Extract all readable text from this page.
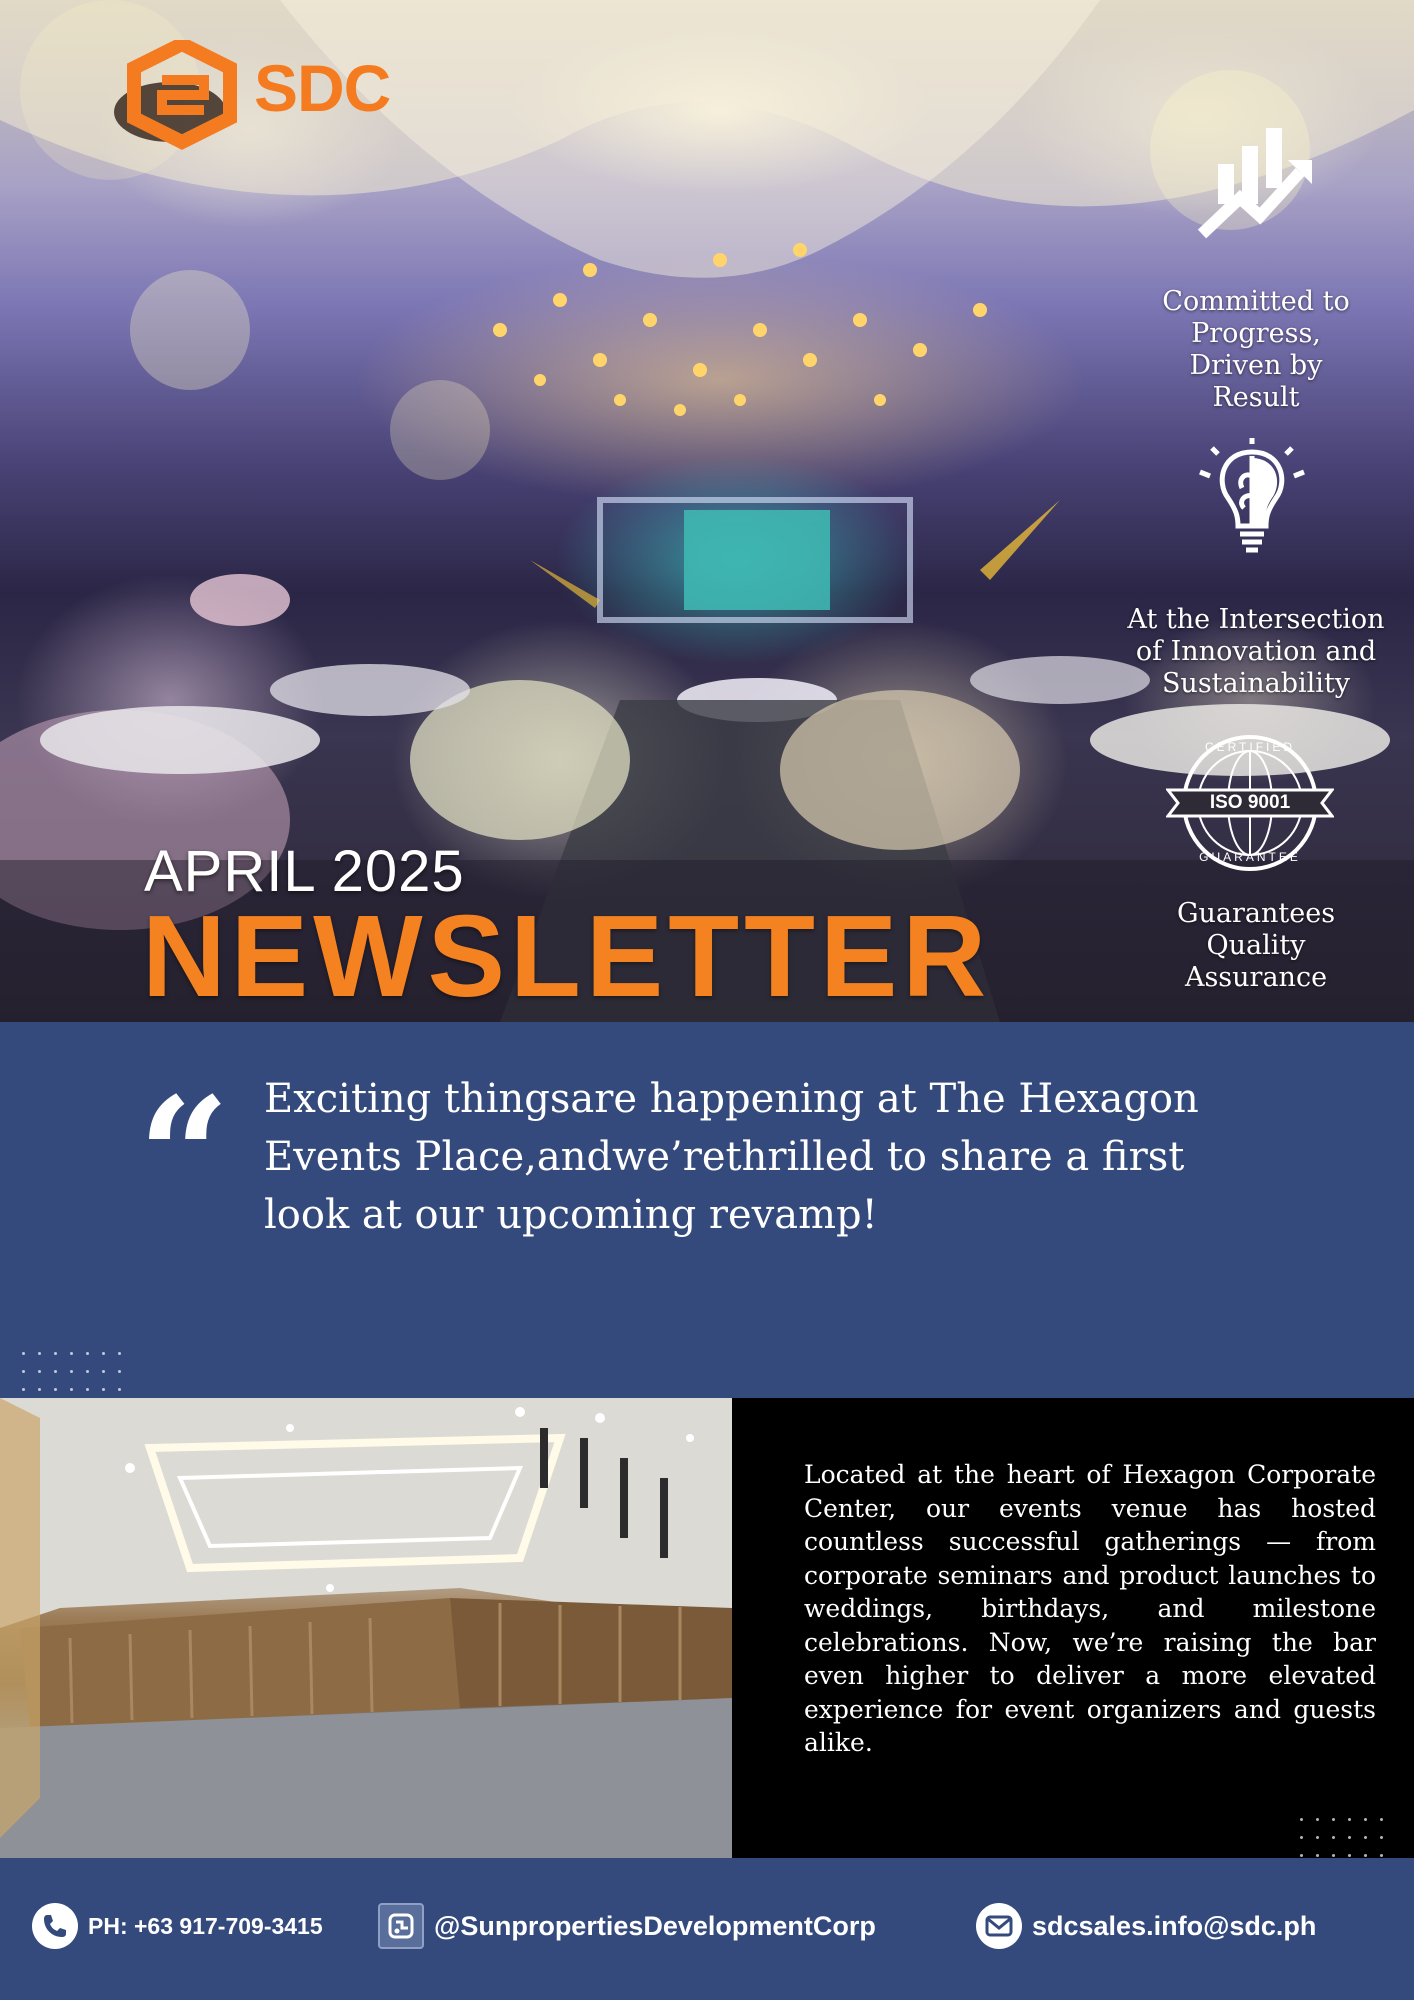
SDC
Committed to Progress, Driven by Result
At the Intersection of Innovation and Sustainability
CERTIFIED
ISO 9001
GUARANTEE
Guarantees Quality Assurance
APRIL 2025
NEWSLETTER
“ Exciting thingsare happening at The Hexagon Events Place,andwe’rethrilled to share a first look at our upcoming revamp!
Located at the heart of Hexagon Corporate Center, our events venue has hosted countless successful gatherings — from corporate seminars and product launches to weddings, birthdays, and milestone celebrations. Now, we’re raising the bar even higher to deliver a more elevated experience for event organizers and guests alike.
PH: +63 917-709-3415	@SunpropertiesDevelopmentCorp	sdcsales.info@sdc.ph
